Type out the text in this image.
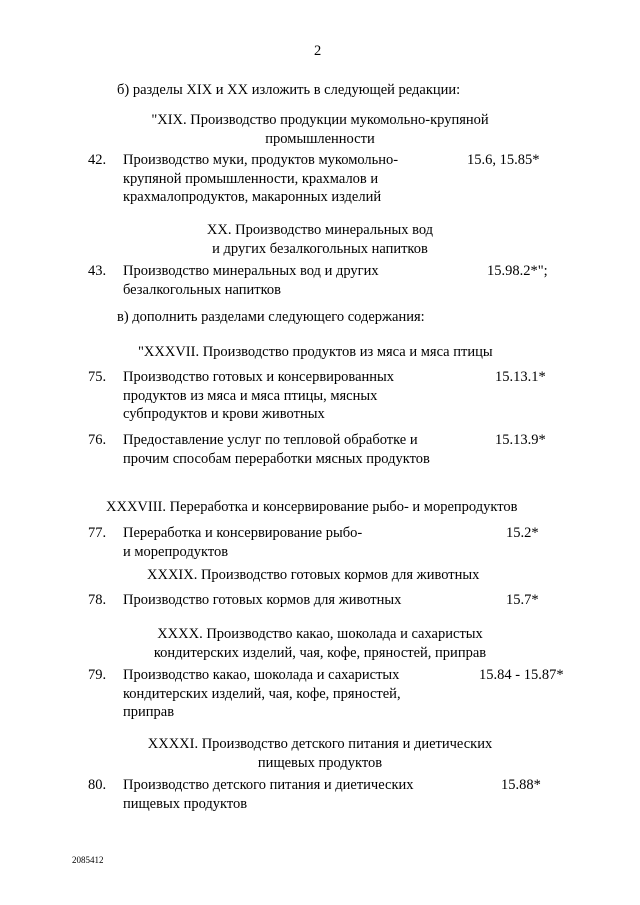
2
б) разделы XIX и XX изложить в следующей редакции:
"XIX. Производство продукции мукомольно-крупяной
промышленности
42. Производство муки, продуктов мукомольно-
крупяной промышленности, крахмалов и
крахмалопродуктов, макаронных изделий
15.6, 15.85*
XX. Производство минеральных вод
и других безалкогольных напитков
43. Производство минеральных вод и других
безалкогольных напитков
15.98.2*";
в) дополнить разделами следующего содержания:
"XXXVII. Производство продуктов из мяса и мяса птицы
75. Производство готовых и консервированных
продуктов из мяса и мяса птицы, мясных
субпродуктов и крови животных
15.13.1*
76. Предоставление услуг по тепловой обработке и
прочим способам переработки мясных продуктов
15.13.9*
XXXVIII. Переработка и консервирование рыбо- и морепродуктов
77. Переработка и консервирование рыбо-
и морепродуктов
15.2*
XXXIX. Производство готовых кормов для животных
78. Производство готовых кормов для животных	15.7*
XXXX. Производство какао, шоколада и сахаристых
кондитерских изделий, чая, кофе, пряностей, приправ
79. Производство какао, шоколада и сахаристых
кондитерских изделий, чая, кофе, пряностей,
приправ
15.84 - 15.87*
XXXXI. Производство детского питания и диетических
пищевых продуктов
80. Производство детского питания и диетических
пищевых продуктов
15.88*
2085412
